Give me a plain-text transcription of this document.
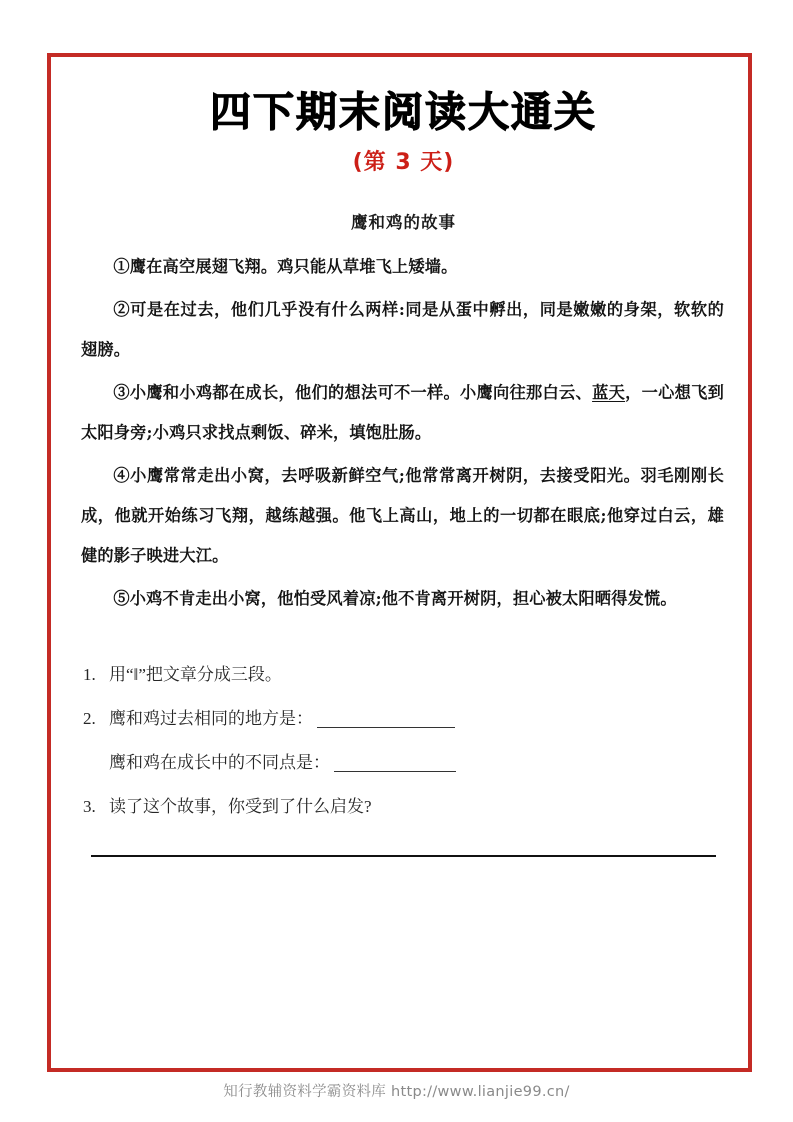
四下期末阅读大通关
(第 3 天)
鹰和鸡的故事

①鹰在高空展翅飞翔。鸡只能从草堆飞上矮墙。

②可是在过去，他们几乎没有什么两样:同是从蛋中孵出，同是嫩嫩的身架，软软的翅膀。

③小鹰和小鸡都在成长，他们的想法可不一样。小鹰向往那白云、蓝天，一心想飞到太阳身旁;小鸡只求找点剩饭、碎米，填饱肚肠。

④小鹰常常走出小窝，去呼吸新鲜空气;他常常离开树阴，去接受阳光。羽毛刚刚长成，他就开始练习飞翔，越练越强。他飞上高山，地上的一切都在眼底;他穿过白云，雄健的影子映进大江。

⑤小鸡不肯走出小窝，他怕受风着凉;他不肯离开树阴，担心被太阳晒得发慌。

1. 用“‖”把文章分成三段。

2. 鹰和鸡过去相同的地方是：

鹰和鸡在成长中的不同点是：

3. 读了这个故事，你受到了什么启发?

知行教辅资料学霸资料库 http://www.lianjie99.cn/
